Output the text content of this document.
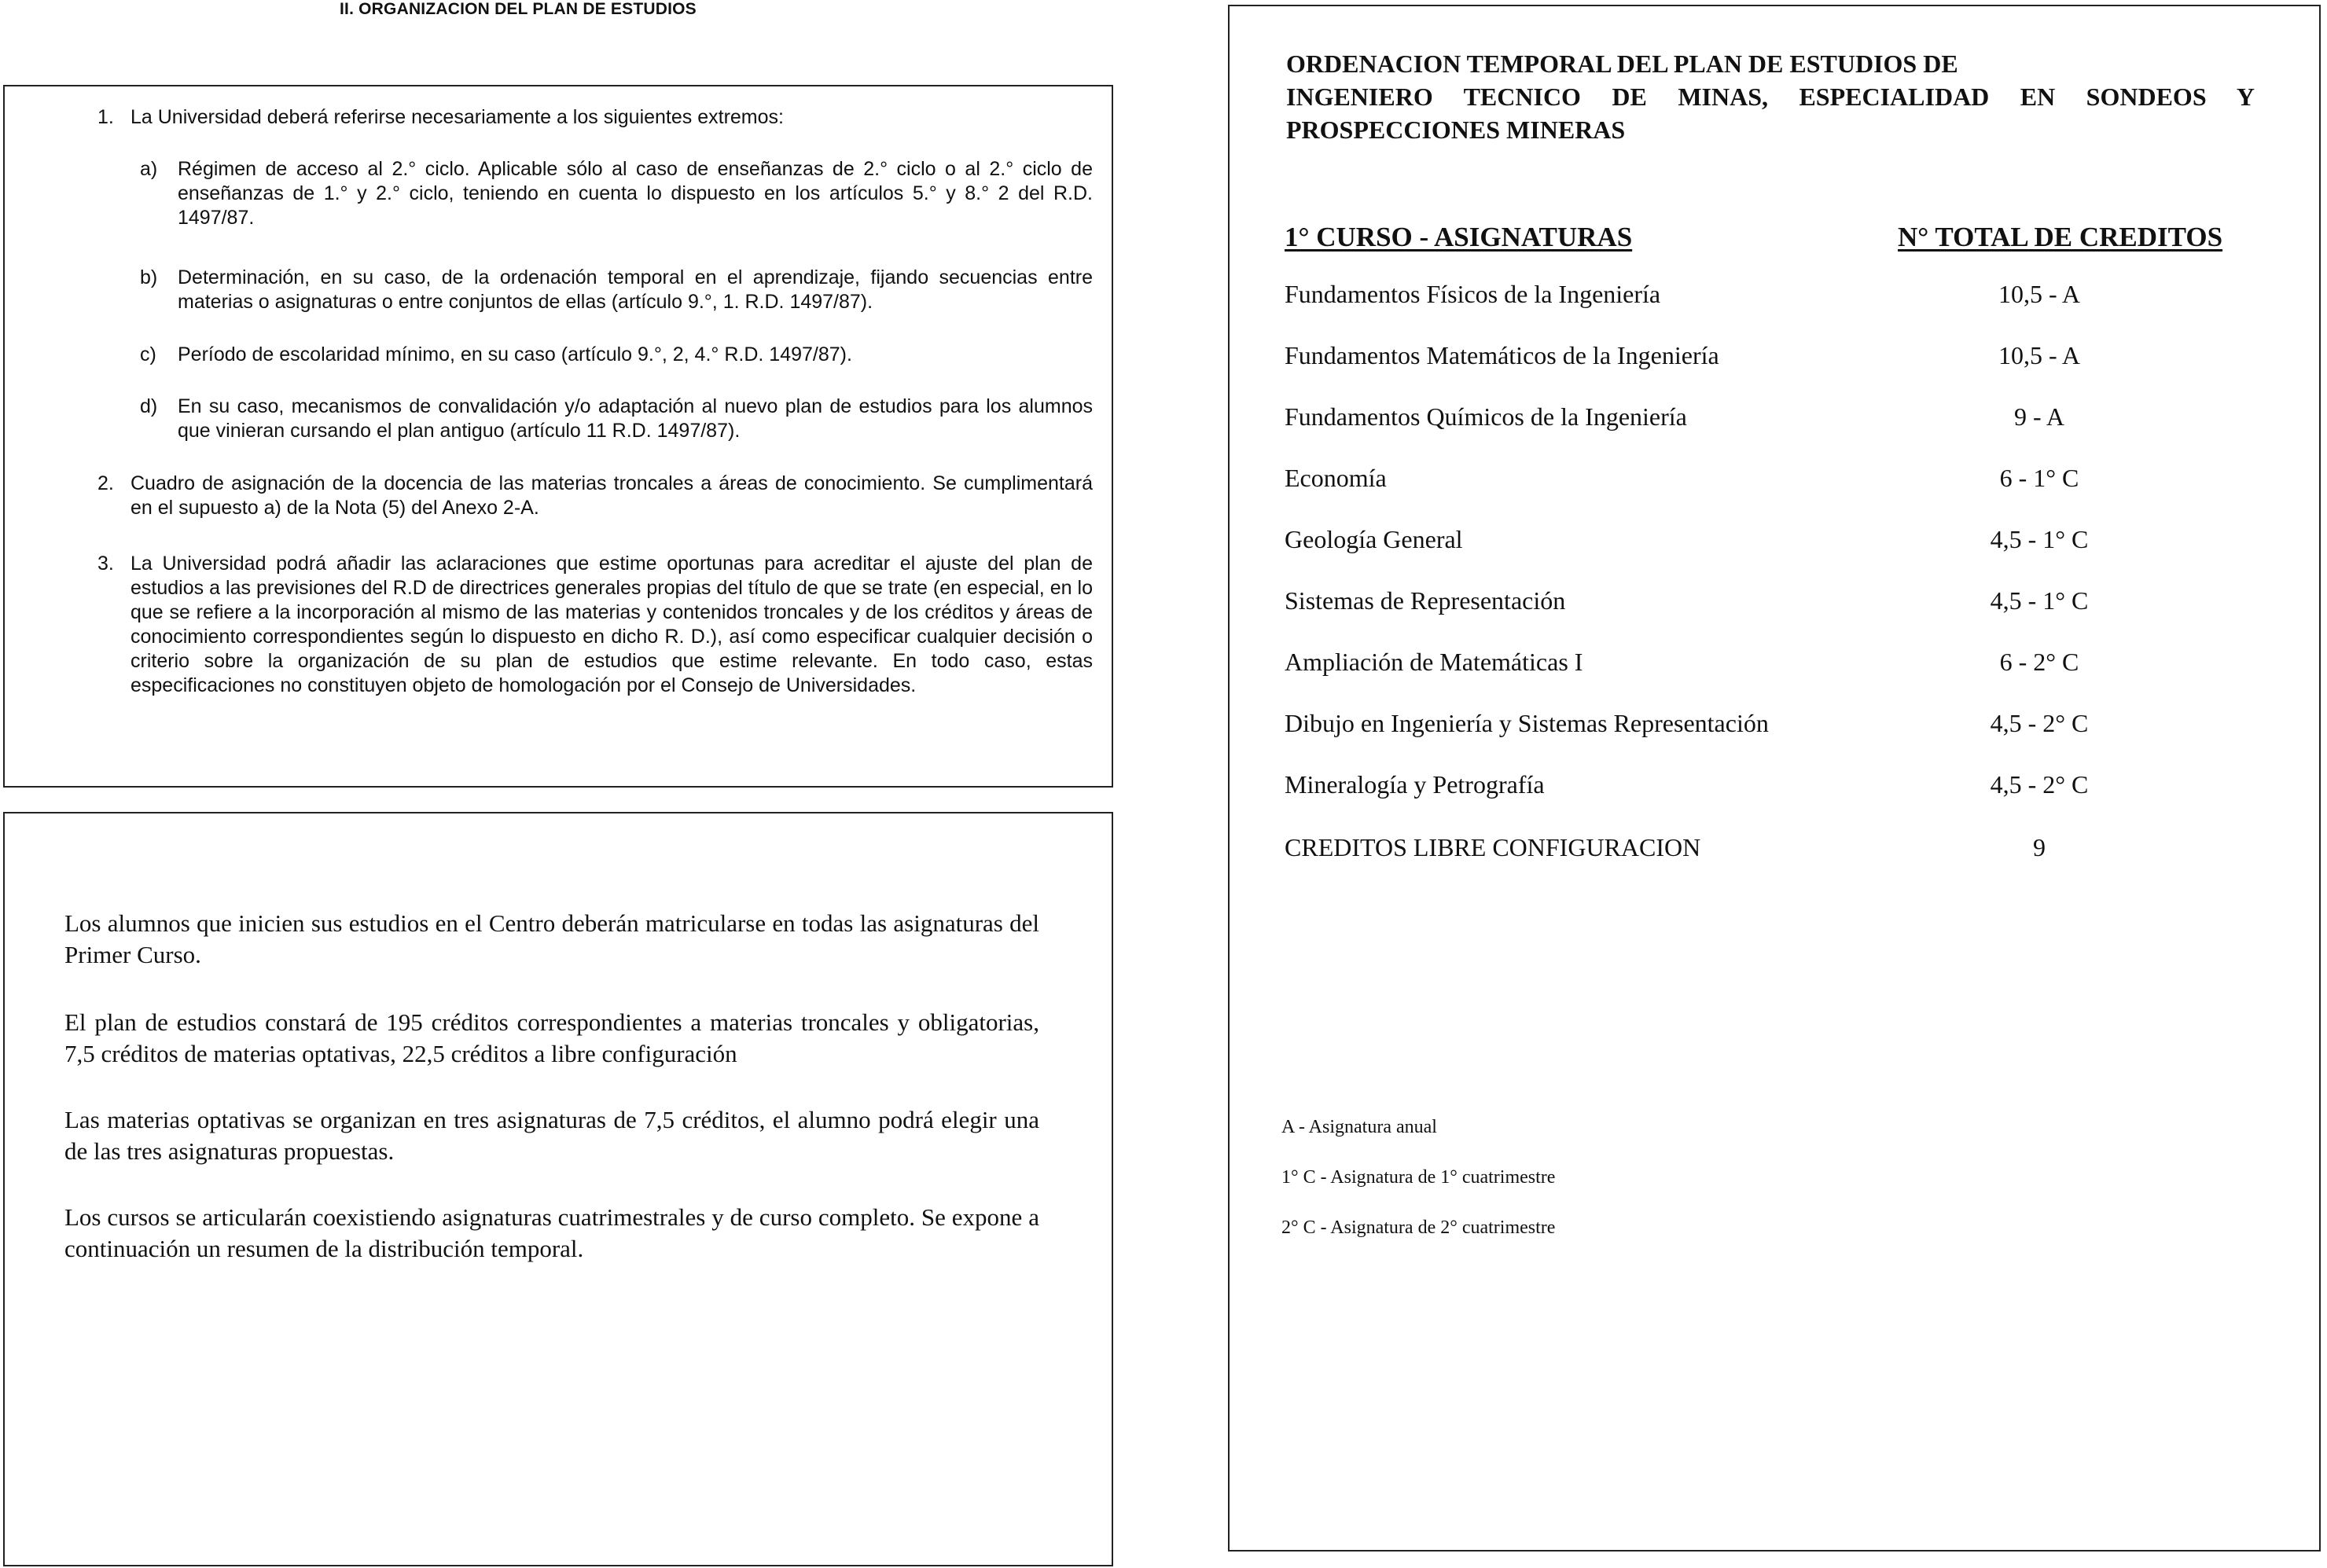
II. ORGANIZACION DEL PLAN DE ESTUDIOS
1. La Universidad deberá referirse necesariamente a los siguientes extremos:
a) Régimen de acceso al 2.° ciclo. Aplicable sólo al caso de enseñanzas de 2.° ciclo o al 2.° ciclo de enseñanzas de 1.° y 2.° ciclo, teniendo en cuenta lo dispuesto en los artículos 5.° y 8.° 2 del R.D. 1497/87.
b) Determinación, en su caso, de la ordenación temporal en el aprendizaje, fijando secuencias entre materias o asignaturas o entre conjuntos de ellas (artículo 9.°, 1. R.D. 1497/87).
c) Período de escolaridad mínimo, en su caso (artículo 9.°, 2, 4.° R.D. 1497/87).
d) En su caso, mecanismos de convalidación y/o adaptación al nuevo plan de estudios para los alumnos que vinieran cursando el plan antiguo (artículo 11 R.D. 1497/87).
2. Cuadro de asignación de la docencia de las materias troncales a áreas de conocimiento. Se cumplimentará en el supuesto a) de la Nota (5) del Anexo 2-A.
3. La Universidad podrá añadir las aclaraciones que estime oportunas para acreditar el ajuste del plan de estudios a las previsiones del R.D de directrices generales propias del título de que se trate (en especial, en lo que se refiere a la incorporación al mismo de las materias y contenidos troncales y de los créditos y áreas de conocimiento correspondientes según lo dispuesto en dicho R. D.), así como especificar cualquier decisión o criterio sobre la organización de su plan de estudios que estime relevante. En todo caso, estas especificaciones no constituyen objeto de homologación por el Consejo de Universidades.
Los alumnos que inicien sus estudios en el Centro deberán matricularse en todas las asignaturas del Primer Curso.
El plan de estudios constará de 195 créditos correspondientes a materias troncales y obligatorias, 7,5 créditos de materias optativas, 22,5 créditos a libre configuración
Las materias optativas se organizan en tres asignaturas de 7,5 créditos, el alumno podrá elegir una de las tres asignaturas propuestas.
Los cursos se articularán coexistiendo asignaturas cuatrimestrales y de curso completo. Se expone a continuación un resumen de la distribución temporal.
ORDENACION TEMPORAL DEL PLAN DE ESTUDIOS DE
INGENIERO TECNICO DE MINAS, ESPECIALIDAD EN SONDEOS Y
PROSPECCIONES MINERAS
1° CURSO - ASIGNATURAS	N° TOTAL DE CREDITOS
Fundamentos Físicos de la Ingeniería	10,5 - A
Fundamentos Matemáticos de la Ingeniería	10,5 - A
Fundamentos Químicos de la Ingeniería	9 - A
Economía	6 - 1° C
Geología General	4,5 - 1° C
Sistemas de Representación	4,5 - 1° C
Ampliación de Matemáticas I	6 - 2° C
Dibujo en Ingeniería y Sistemas Representación	4,5 - 2° C
Mineralogía y Petrografía	4,5 - 2° C
CREDITOS LIBRE CONFIGURACION	9
A - Asignatura anual
1° C - Asignatura de 1° cuatrimestre
2° C - Asignatura de 2° cuatrimestre
